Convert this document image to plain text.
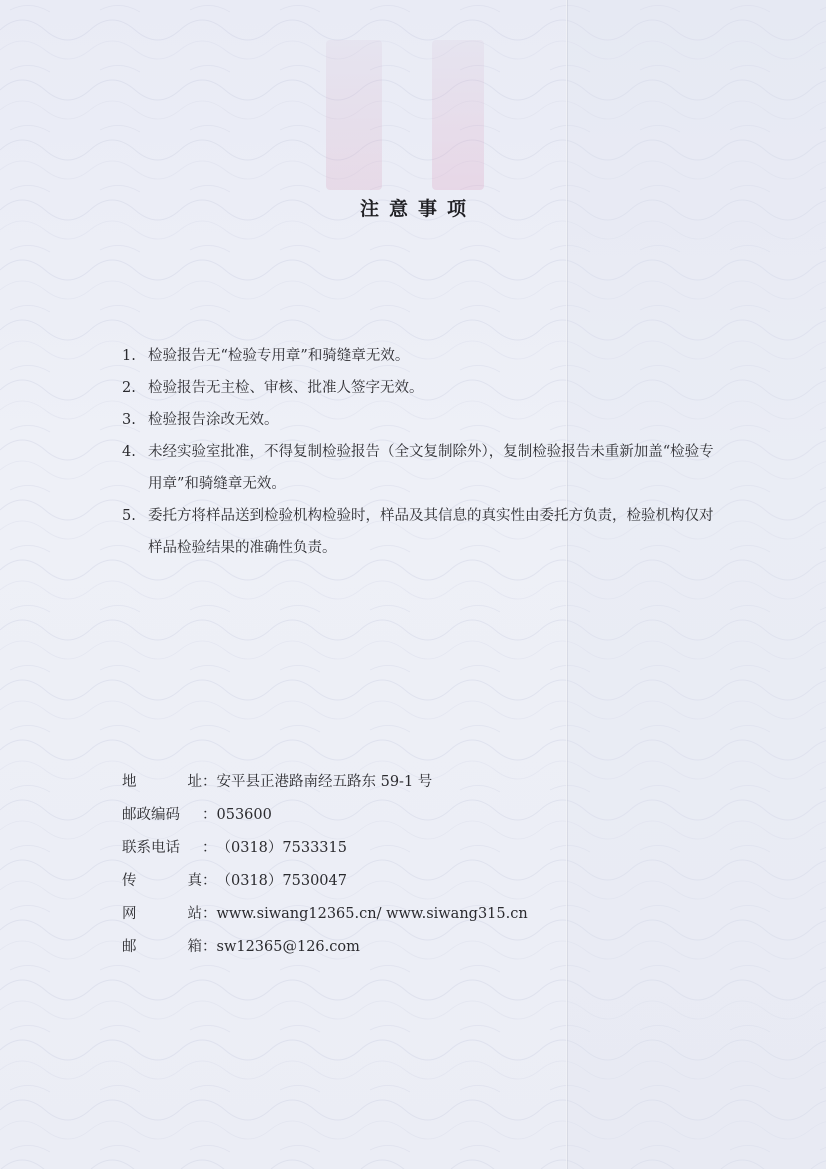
注意事项
1. 检验报告无“检验专用章”和骑缝章无效。
2. 检验报告无主检、审核、批准人签字无效。
3. 检验报告涂改无效。
4. 未经实验室批准，不得复制检验报告（全文复制除外），复制检验报告未重新加盖“检验专用章”和骑缝章无效。
5. 委托方将样品送到检验机构检验时，样品及其信息的真实性由委托方负责，检验机构仅对样品检验结果的准确性负责。
地	址 ： 安平县正港路南经五路东 59-1 号
邮政编码 ： 053600
联系电话 ： （0318）7533315
传	真 ： （0318）7530047
网	站 ： www.siwang12365.cn/ www.siwang315.cn
邮	箱 ： sw12365@126.com
